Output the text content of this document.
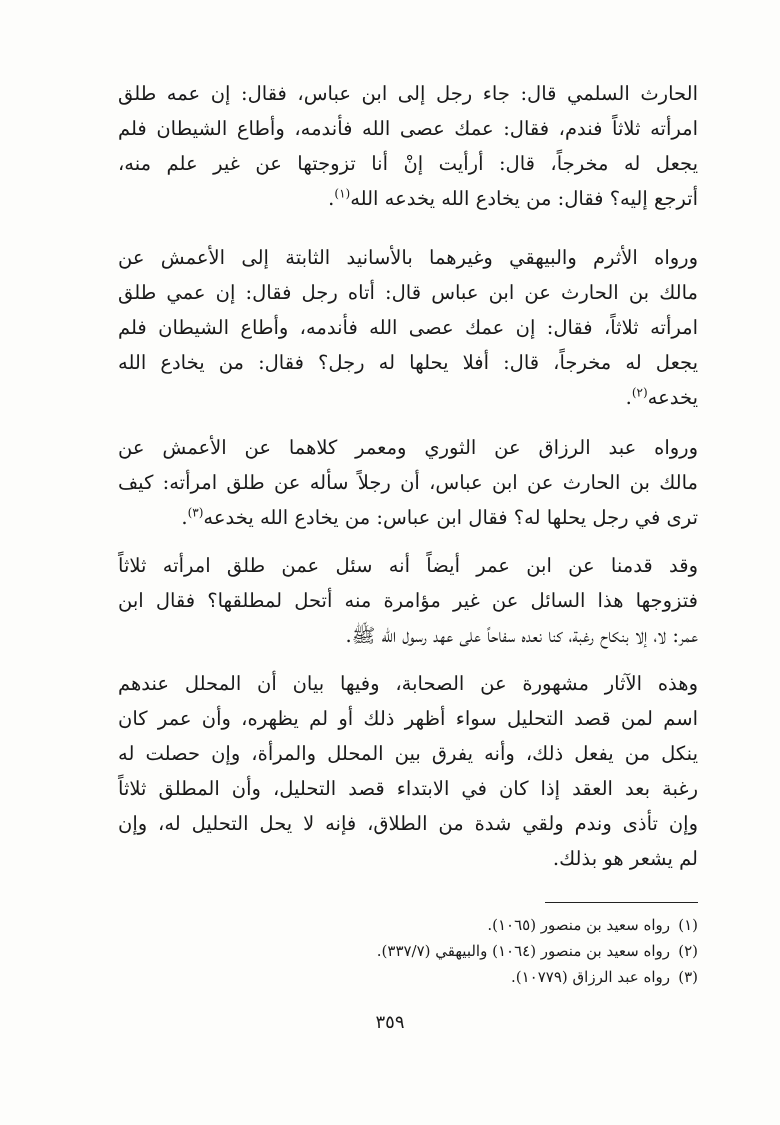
الحارث السلمي قال: جاء رجل إلى ابن عباس، فقال: إن عمه طلق
امرأته ثلاثاً فندم، فقال: عمك عصى الله فأندمه، وأطاع الشيطان فلم
يجعل له مخرجاً، قال: أرأيت إنْ أنا تزوجتها عن غير علم منه،
أترجع إليه؟ فقال: من يخادع الله يخدعه الله$^{(١)}$.
ورواه الأثرم والبيهقي وغيرهما بالأسانيد الثابتة إلى الأعمش عن
مالك بن الحارث عن ابن عباس قال: أتاه رجل فقال: إن عمي طلق
امرأته ثلاثاً، فقال: إن عمك عصى الله فأندمه، وأطاع الشيطان فلم
يجعل له مخرجاً، قال: أفلا يحلها له رجل؟ فقال: من يخادع الله
يخدعه$^{(٢)}$.
ورواه عبد الرزاق عن الثوري ومعمر كلاهما عن الأعمش عن
مالك بن الحارث عن ابن عباس، أن رجلاً سأله عن طلق امرأته: كيف
ترى في رجل يحلها له؟ فقال ابن عباس: من يخادع الله يخدعه$^{(٣)}$.
وقد قدمنا عن ابن عمر أيضاً أنه سئل عمن طلق امرأته ثلاثاً
فتزوجها هذا السائل عن غير مؤامرة منه أتحل لمطلقها؟ فقال ابن
عمر: لا، إلا بنكاح رغبة، كنا نعده سفاحاً على عهد رسول الله ﷺ.
وهذه الآثار مشهورة عن الصحابة، وفيها بيان أن المحلل عندهم
اسم لمن قصد التحليل سواء أظهر ذلك أو لم يظهره، وأن عمر كان
ينكل من يفعل ذلك، وأنه يفرق بين المحلل والمرأة، وإن حصلت له
رغبة بعد العقد إذا كان في الابتداء قصد التحليل، وأن المطلق ثلاثاً
وإن تأذى وندم ولقي شدة من الطلاق، فإنه لا يحل التحليل له، وإن
لم يشعر هو بذلك.
(١)رواه سعيد بن منصور (١٠٦٥).
(٢)رواه سعيد بن منصور (١٠٦٤) والبيهقي (٣٣٧/٧).
(٣)رواه عبد الرزاق (١٠٧٧٩).
٣٥٩
